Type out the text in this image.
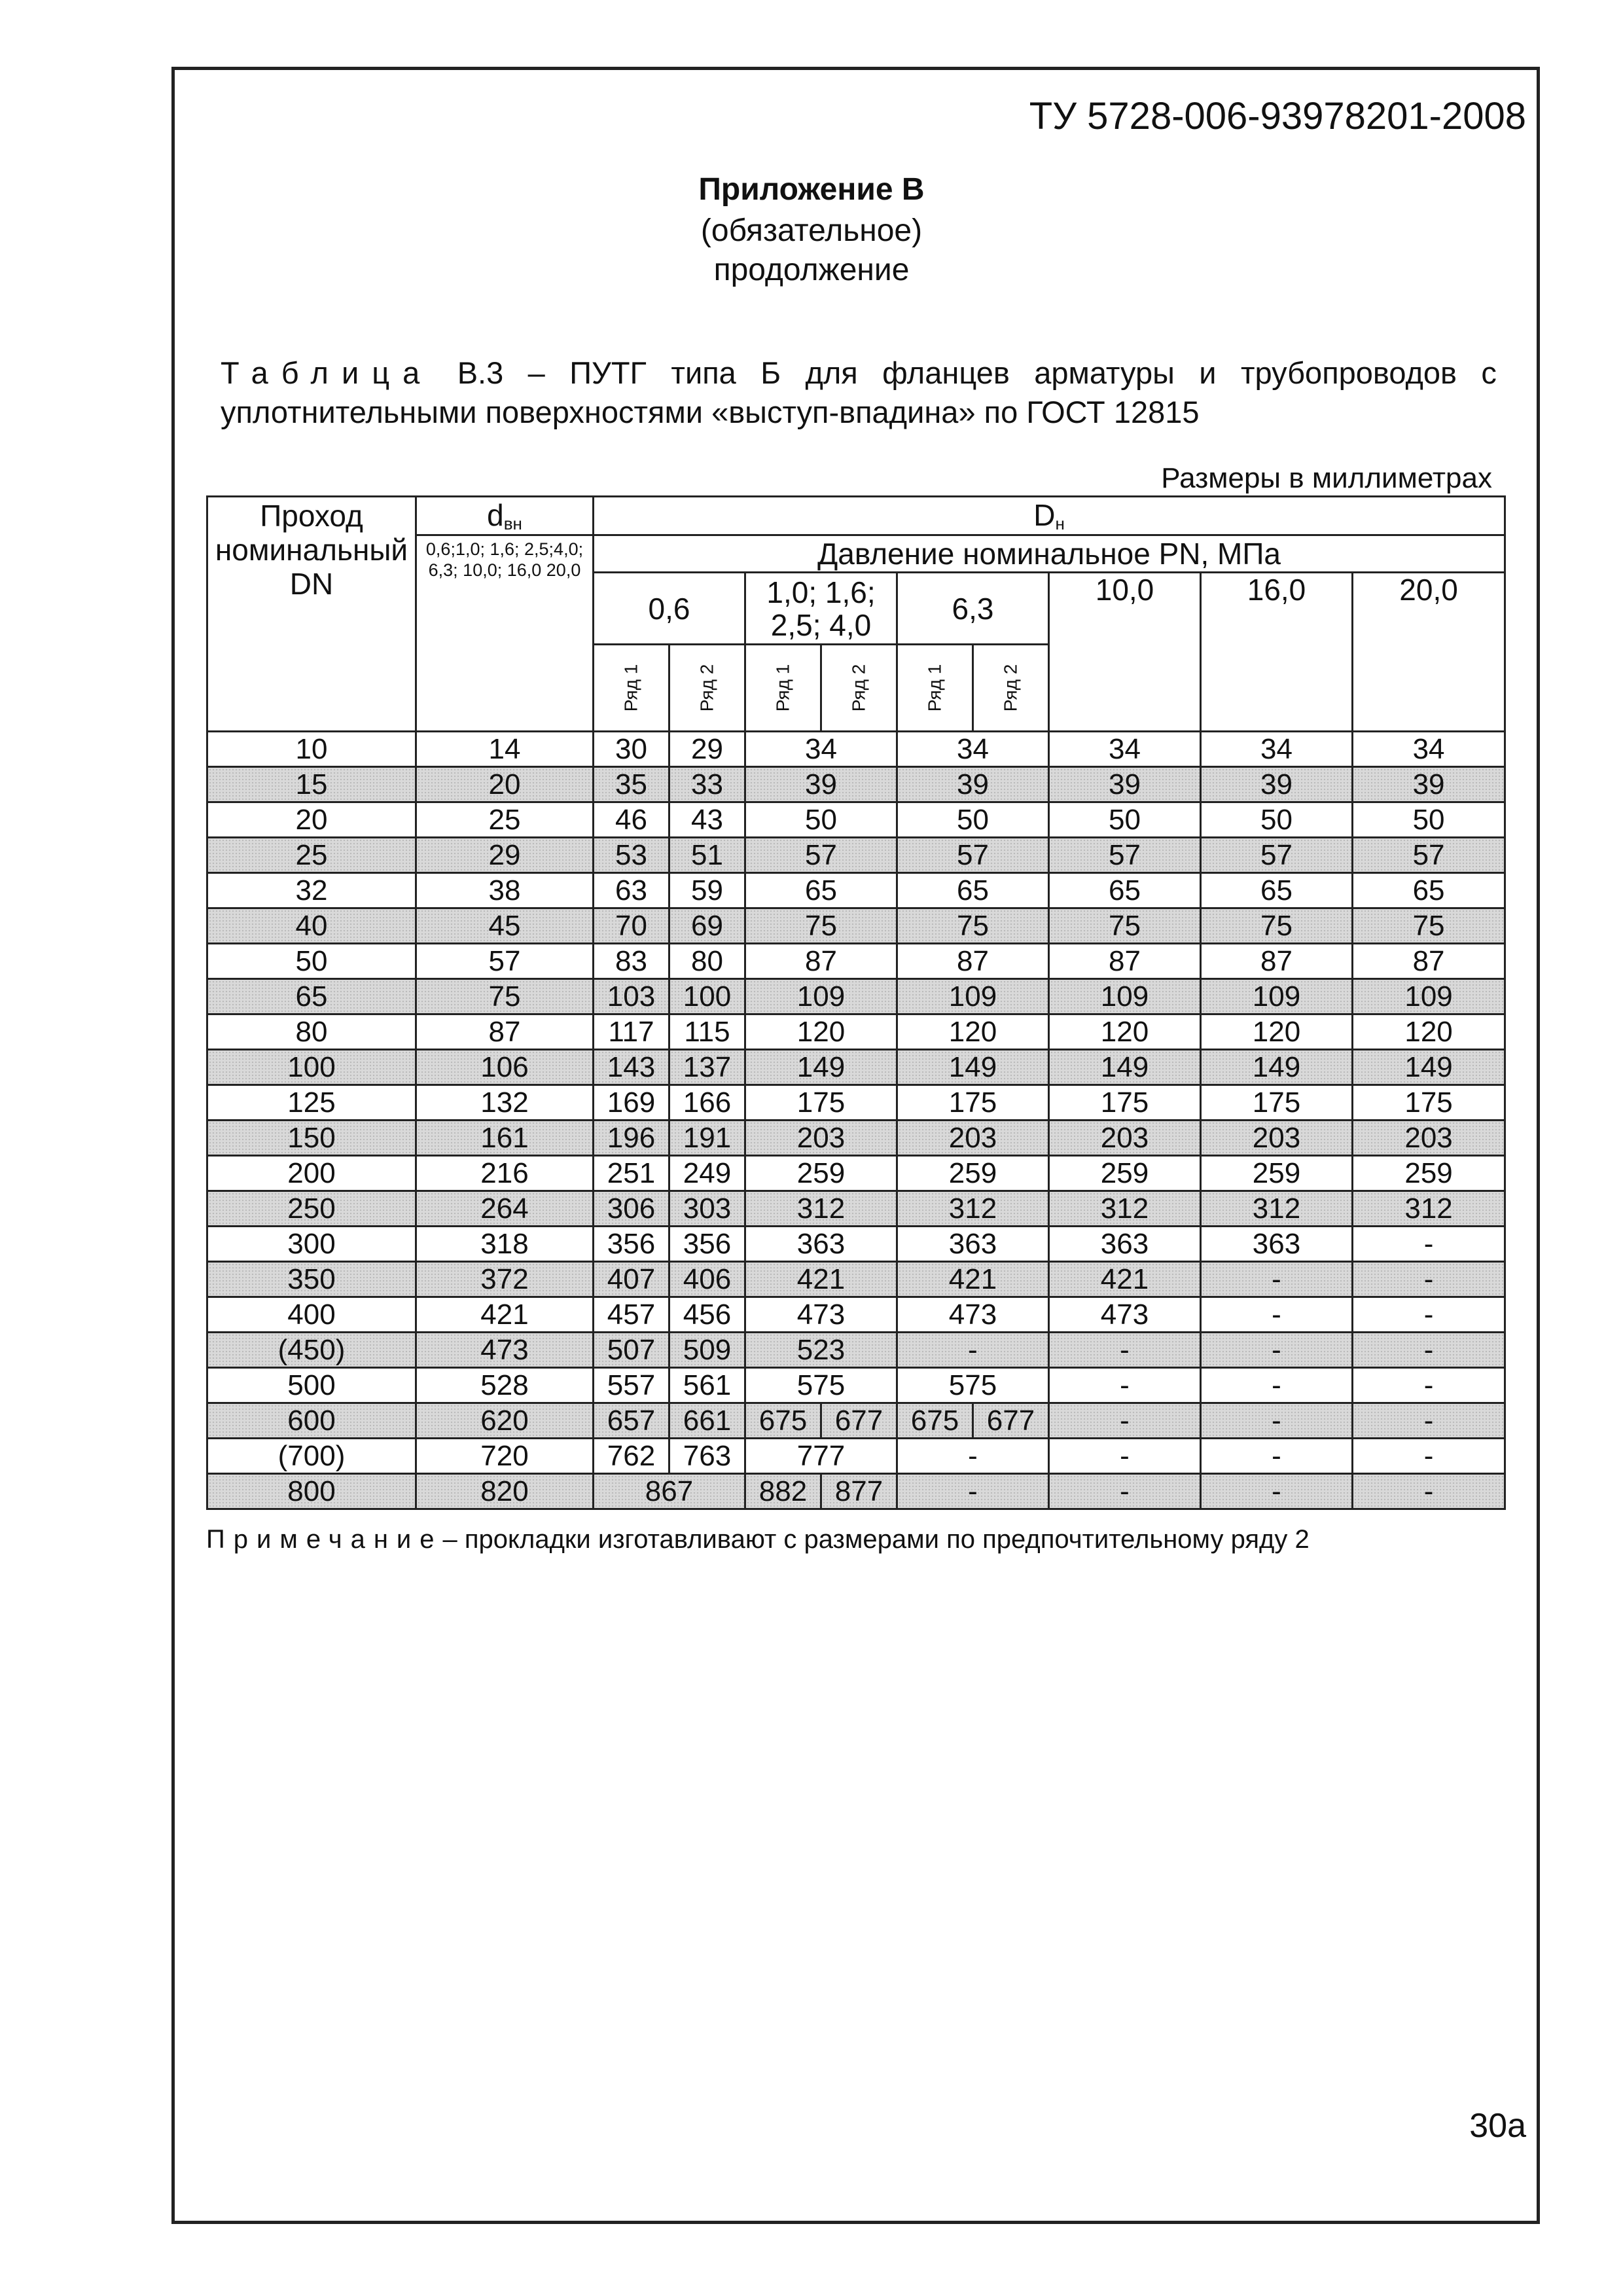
ТУ 5728-006-93978201-2008
Приложение В
(обязательное)
продолжение
Таблица В.3 – ПУТГ типа Б для фланцев арматуры и трубопроводов с
уплотнительными поверхностями «выступ-впадина» по ГОСТ 12815
Размеры в миллиметрах
Проход номинальный DN	$d_{вн}$	$D_н$
	0,6;1,0; 1,6; 2,5;4,0; 6,3; 10,0; 16,0 20,0	Давление номинальное PN, МПа								
		0,6		1,0; 1,6; 2,5; 4,0		6,3		10,0	16,0	20,0
		Ряд 1	Ряд 2	Ряд 1	Ряд 2	Ряд 1	Ряд 2			
10	14	30	29	34		34		34	34	34
15	20	35	33	39		39		39	39	39
20	25	46	43	50		50		50	50	50
25	29	53	51	57		57		57	57	57
32	38	63	59	65		65		65	65	65
40	45	70	69	75		75		75	75	75
50	57	83	80	87		87		87	87	87
65	75	103	100	109		109		109	109	109
80	87	117	115	120		120		120	120	120
100	106	143	137	149		149		149	149	149
125	132	169	166	175		175		175	175	175
150	161	196	191	203		203		203	203	203
200	216	251	249	259		259		259	259	259
250	264	306	303	312		312		312	312	312
300	318	356	356	363		363		363	363	-
350	372	407	406	421		421		421	-	-
400	421	457	456	473		473		473	-	-
(450)	473	507	509	523		-		-	-	-
500	528	557	561	575		575		-	-	-
600	620	657	661	675	677	675	677	-	-	-
(700)	720	762	763	777		-		-	-	-
800	820	867		882	877	-		-	-	-
Примечание– прокладки изготавливают с размерами по предпочтительному ряду 2
30а
